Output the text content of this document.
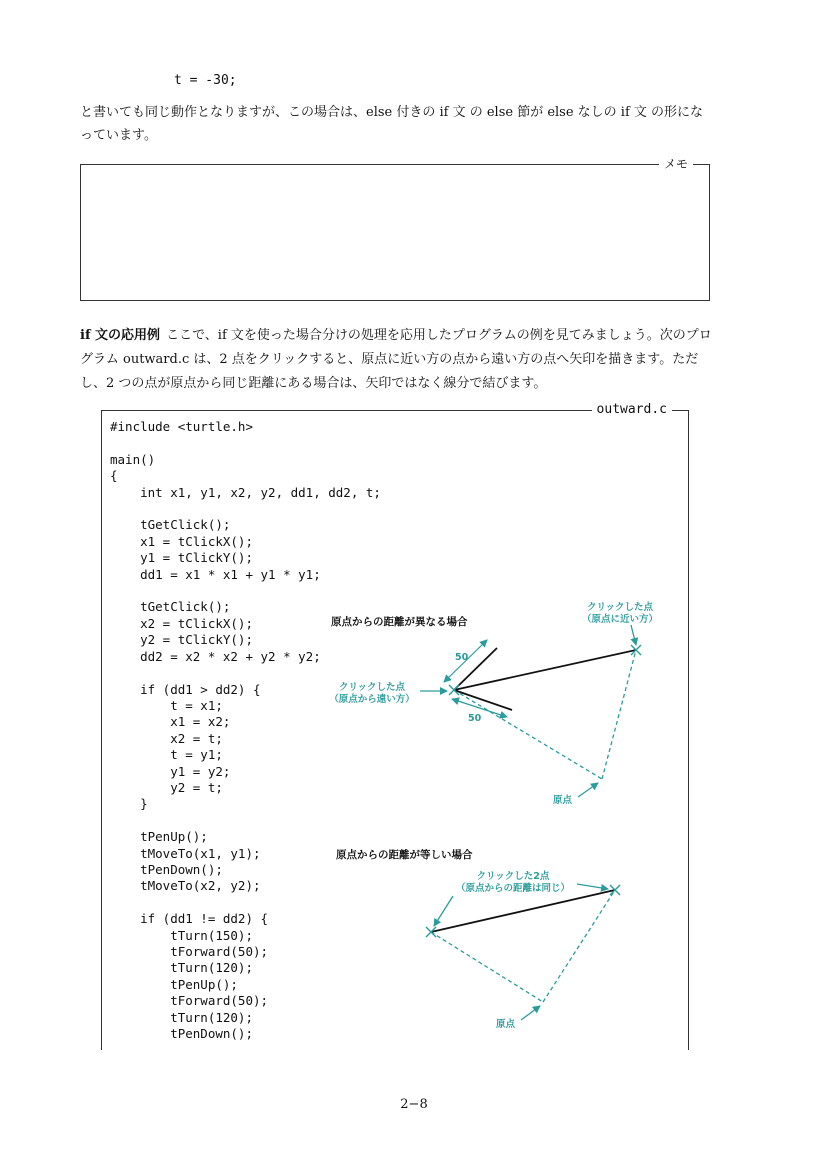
t = -30;
と書いても同じ動作となりますが、この場合は、else 付きの if 文 の else 節が else なしの if 文 の形になっています。
メモ
if 文の応用例 ここで、if 文を使った場合分けの処理を応用したプログラムの例を見てみましょう。次のプログラム outward.c は、2 点をクリックすると、原点に近い方の点から遠い方の点へ矢印を描きます。ただし、2 つの点が原点から同じ距離にある場合は、矢印ではなく線分で結びます。
outward.c
#include <turtle.h>

main()
{
int x1, y1, x2, y2, dd1, dd2, t;

tGetClick();
x1 = tClickX();
y1 = tClickY();
dd1 = x1 * x1 + y1 * y1;

tGetClick();
x2 = tClickX();
y2 = tClickY();
dd2 = x2 * x2 + y2 * y2;

if (dd1 > dd2) {
t = x1;
x1 = x2;
x2 = t;
t = y1;
y1 = y2;
y2 = t;
}

tPenUp();
tMoveTo(x1, y1);
tPenDown();
tMoveTo(x2, y2);

if (dd1 != dd2) {
tTurn(150);
tForward(50);
tTurn(120);
tPenUp();
tForward(50);
tTurn(120);
tPenDown();
原点からの距離が異なる場合
50
50
クリックした点
（原点に近い方）
クリックした点
（原点から遠い方）
原点
原点からの距離が等しい場合
クリックした2点
（原点からの距離は同じ）
原点
2−8
